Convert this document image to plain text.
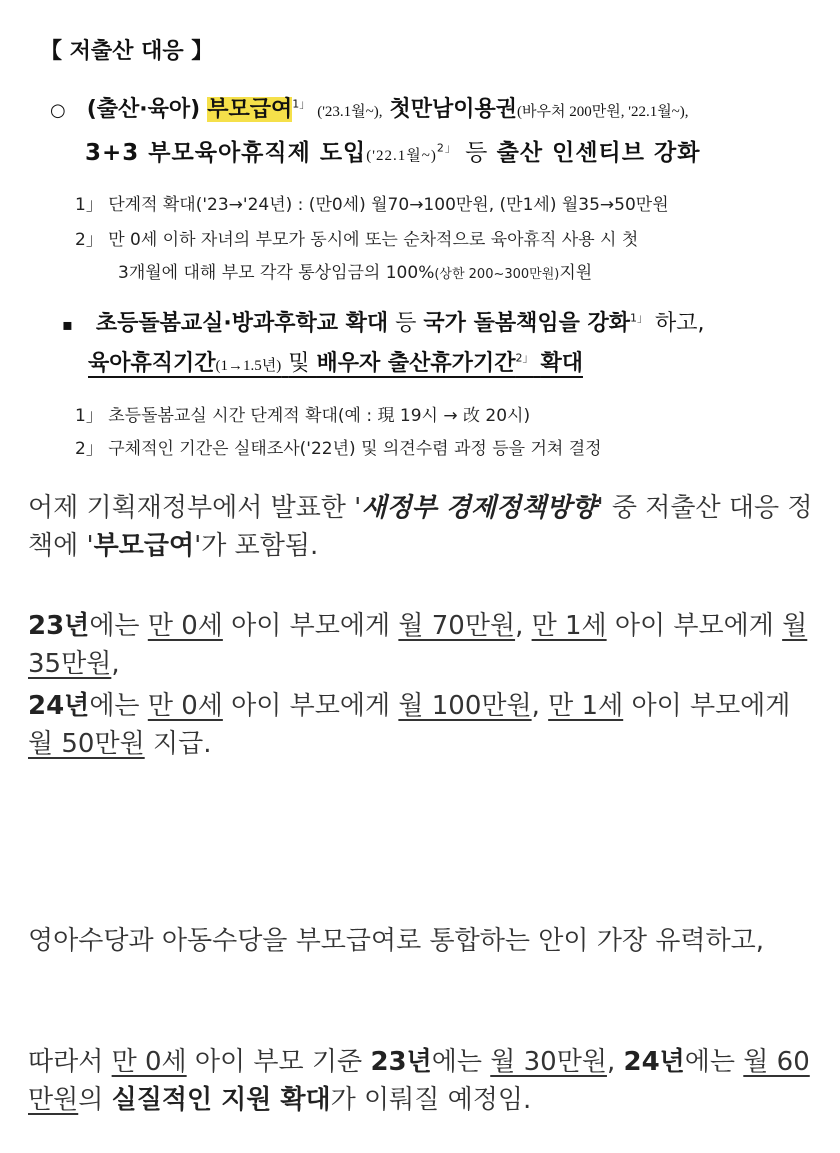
【 저출산 대응 】
○ (출산·육아) 부모급여$^{1」}$ ('23.1월~), 첫만남이용권(바우처 200만원, '22.1월~),
3+3 부모육아휴직제 도입('22.1월~)$^{2」}$ 등 출산 인센티브 강화
1」 단계적 확대('23→'24년) : (만0세) 월70→100만원, (만1세) 월35→50만원
2」 만 0세 이하 자녀의 부모가 동시에 또는 순차적으로 육아휴직 사용 시 첫
3개월에 대해 부모 각각 통상임금의 100%(상한 200~300만원)지원
▪ 초등돌봄교실·방과후학교 확대 등 국가 돌봄책임을 강화$^{1」}$ 하고,
육아휴직기간(1→1.5년) 및 배우자 출산휴가기간$^{2」}$ 확대
1」 초등돌봄교실 시간 단계적 확대(예 : 現 19시 → 改 20시)
2」 구체적인 기간은 실태조사('22년) 및 의견수렴 과정 등을 거쳐 결정
어제 기획재정부에서 발표한 '새정부 경제정책방향' 중 저출산 대응 정책에 '부모급여'가 포함됨.
23년에는 만 0세 아이 부모에게 월 70만원, 만 1세 아이 부모에게 월 35만원,
24년에는 만 0세 아이 부모에게 월 100만원, 만 1세 아이 부모에게 월 50만원 지급.
영아수당과 아동수당을 부모급여로 통합하는 안이 가장 유력하고,
따라서 만 0세 아이 부모 기준 23년에는 월 30만원, 24년에는 월 60만원의 실질적인 지원 확대가 이뤄질 예정임.
